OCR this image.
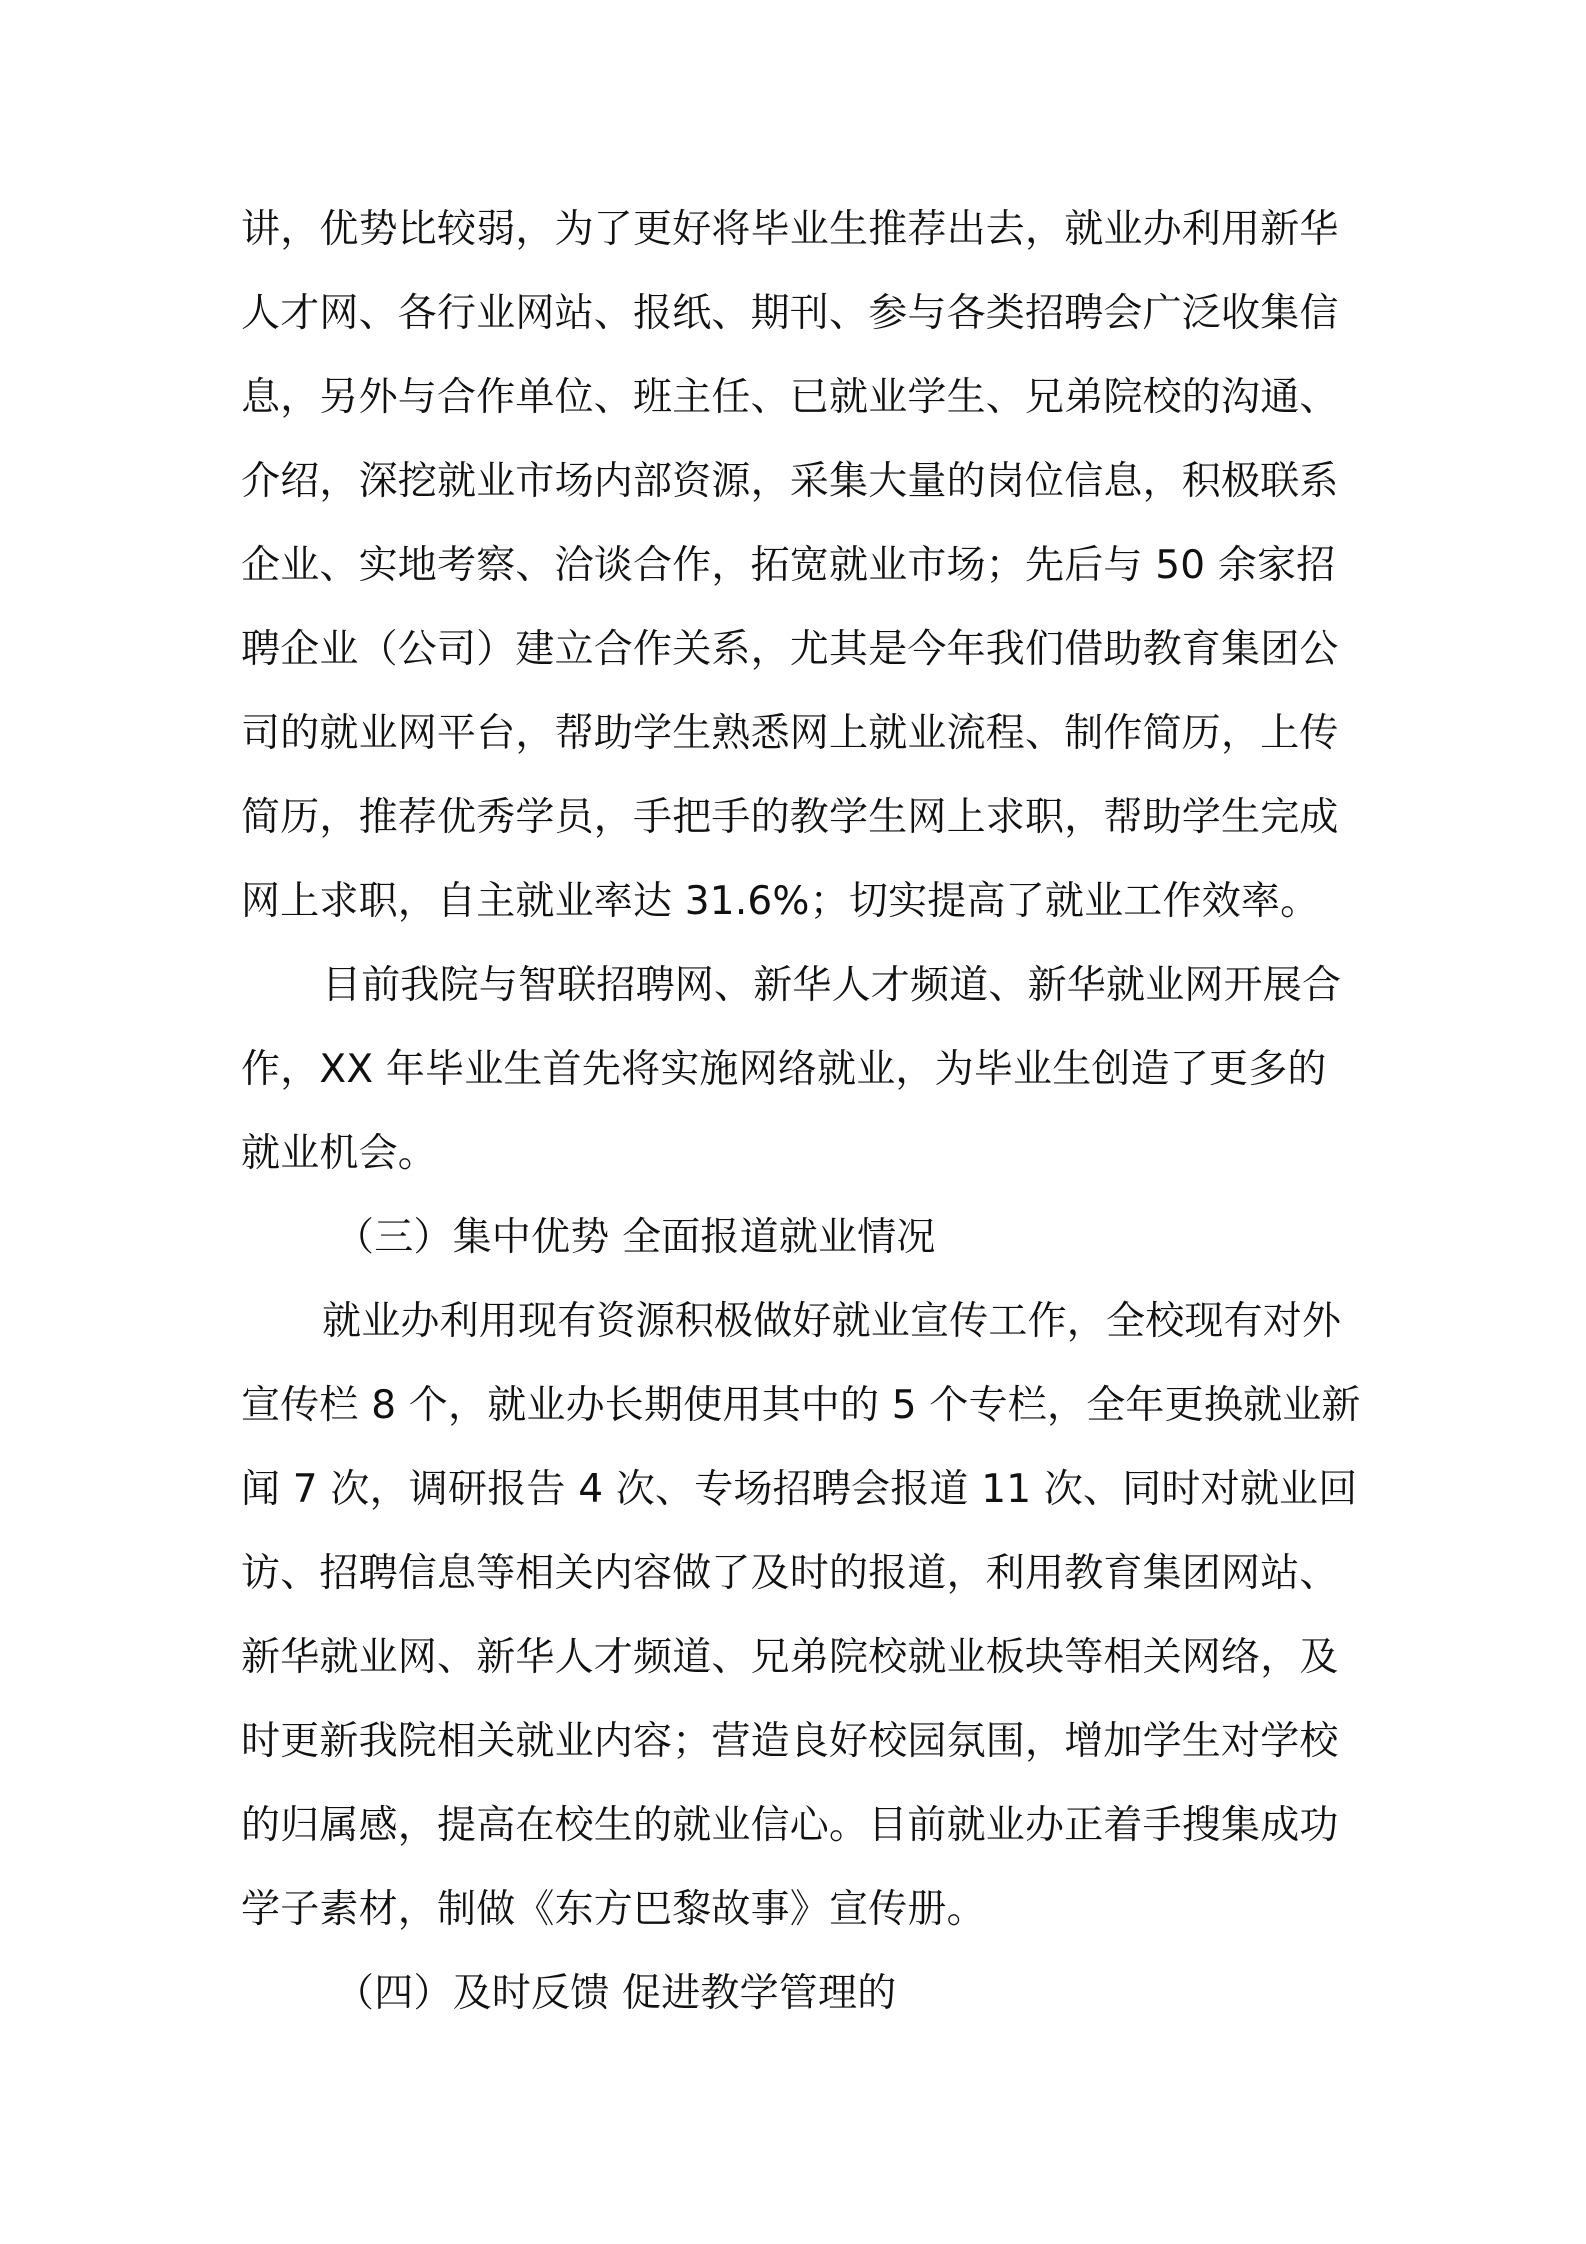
讲，优势比较弱，为了更好将毕业生推荐出去，就业办利用新华
人才网、各行业网站、报纸、期刊、参与各类招聘会广泛收集信
息，另外与合作单位、班主任、已就业学生、兄弟院校的沟通、
介绍，深挖就业市场内部资源，采集大量的岗位信息，积极联系
企业、实地考察、洽谈合作，拓宽就业市场；先后与 50 余家招
聘企业（公司）建立合作关系，尤其是今年我们借助教育集团公
司的就业网平台，帮助学生熟悉网上就业流程、制作简历，上传
简历，推荐优秀学员，手把手的教学生网上求职，帮助学生完成
网上求职，自主就业率达 31.6%；切实提高了就业工作效率。
目前我院与智联招聘网、新华人才频道、新华就业网开展合
作，XX 年毕业生首先将实施网络就业，为毕业生创造了更多的
就业机会。
（三）集中优势 全面报道就业情况
就业办利用现有资源积极做好就业宣传工作，全校现有对外
宣传栏 8 个，就业办长期使用其中的 5 个专栏，全年更换就业新
闻 7 次，调研报告 4 次、专场招聘会报道 11 次、同时对就业回
访、招聘信息等相关内容做了及时的报道，利用教育集团网站、
新华就业网、新华人才频道、兄弟院校就业板块等相关网络，及
时更新我院相关就业内容；营造良好校园氛围，增加学生对学校
的归属感，提高在校生的就业信心。目前就业办正着手搜集成功
学子素材，制做《东方巴黎故事》宣传册。
（四）及时反馈 促进教学管理的
